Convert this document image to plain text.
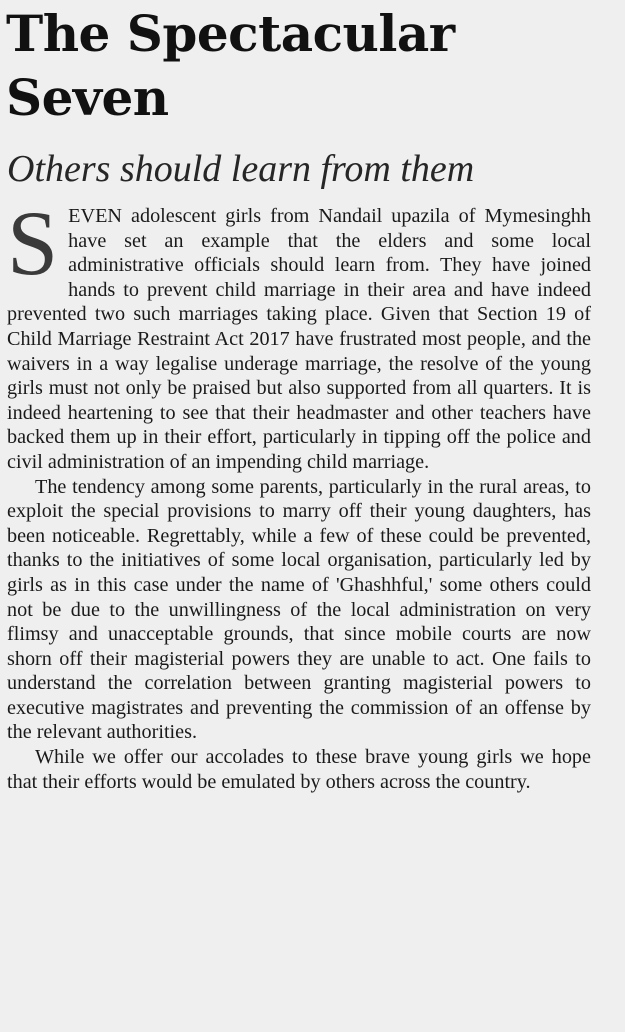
The Spectacular Seven
Others should learn from them

SEVEN adolescent girls from Nandail upazila of Mymesinghh have set an example that the elders and some local administrative officials should learn from. They have joined hands to prevent child marriage in their area and have indeed prevented two such marriages taking place. Given that Section 19 of Child Marriage Restraint Act 2017 have frustrated most people, and the waivers in a way legalise underage marriage, the resolve of the young girls must not only be praised but also supported from all quarters. It is indeed heartening to see that their headmaster and other teachers have backed them up in their effort, particularly in tipping off the police and civil administration of an impending child marriage.

The tendency among some parents, particularly in the rural areas, to exploit the special provisions to marry off their young daughters, has been noticeable. Regrettably, while a few of these could be prevented, thanks to the initiatives of some local organisation, particularly led by girls as in this case under the name of 'Ghashhful,' some others could not be due to the unwillingness of the local administration on very flimsy and unacceptable grounds, that since mobile courts are now shorn off their magisterial powers they are unable to act. One fails to understand the correlation between granting magisterial powers to executive magistrates and preventing the commission of an offense by the relevant authorities.

While we offer our accolades to these brave young girls we hope that their efforts would be emulated by others across the country.
